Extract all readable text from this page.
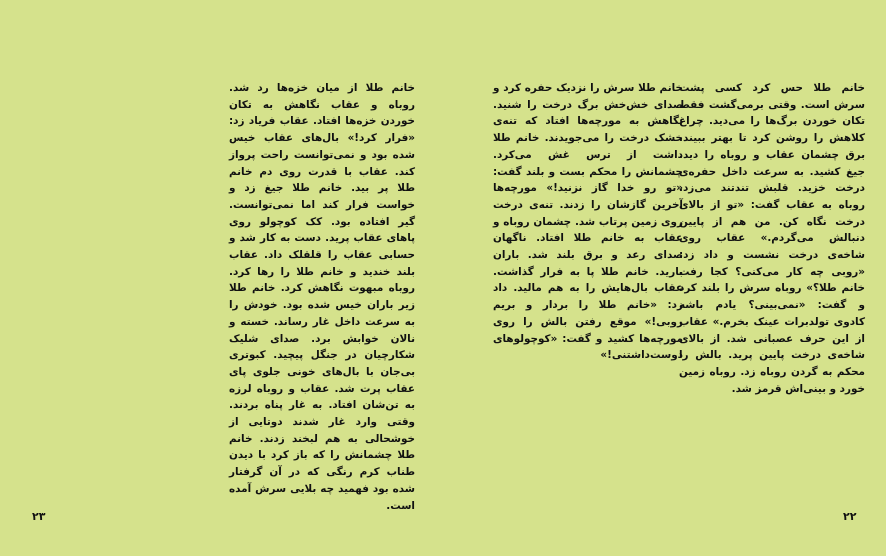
خانم طلا حس کرد کسی پشت سرش است. وقتی برمی‌گشت فقط تکان خوردن برگ‌ها را می‌دید. چراغ کلاهش را روشن کرد تا بهتر ببیند. برق چشمان عقاب و روباه را دید. جیغ کشید. به سرعت داخل حفره‌ی درخت خزید. قلبش تندتند می‌زد. روباه به عقاب گفت: «تو از بالای درخت نگاه کن. من هم از پایین دنبالش می‌گردم.» عقاب روی شاخه‌ی درخت نشست و داد زد: «روبی چه کار می‌کنی؟ کجا رفت خانم طلا؟» روباه سرش را بلند کرد و گفت: «نمی‌بینی؟ یادم باشه کادوی تولدبرات عینک بخرم.» عقاب از این حرف عصبانی شد. از بالای شاخه‌ی درخت پایین پرید. بالش را محکم به گردن روباه زد. روباه زمین خورد و بینی‌اش قرمز شد.

خانم طلا سرش را نزدیک حفره کرد و صدای خش‌خش برگ درخت را شنید. نگاهش به مورچه‌ها افتاد که تنه‌ی خشک درخت را می‌جویدند. خانم طلا داشت از ترس غش می‌کرد. چشمانش را محکم بست و بلند گفت: «تو رو خدا گاز نزنید!» مورچه‌ها آخرین گازشان را زدند. تنه‌ی درخت روی زمین پرتاب شد. چشمان روباه و عقاب به خانم طلا افتاد. ناگهان صدای رعد و برق بلند شد. باران بارید. خانم طلا پا به فرار گذاشت. عقاب بال‌هایش را به هم مالید. داد زد: «خانم طلا را بردار و بریم روبی!» موقع رفتن بالش را روی مورچه‌ها کشید و گفت: «کوچولوهای دوست‌داشتنی!»

خانم طلا از میان خزه‌ها رد شد. روباه و عقاب نگاهش به تکان خوردن خزه‌ها افتاد. عقاب فریاد زد: «فرار کرد!» بال‌های عقاب خیس شده بود و نمی‌توانست راحت پرواز کند. عقاب با قدرت روی دم خانم طلا پر بید. خانم طلا جیغ زد و خواست فرار کند اما نمی‌توانست. گیر افتاده بود. کک کوچولو روی پاهای عقاب پرید. دست به کار شد و حسابی عقاب را قلقلک داد. عقاب بلند خندید و خانم طلا را رها کرد. روباه مبهوت نگاهش کرد. خانم طلا زیر باران خیس شده بود. خودش را به سرعت داخل غار رساند. خسته و نالان خوابش برد. صدای شلیک شکارچیان در جنگل پیچید. کبوتری بی‌جان با بال‌های خونی جلوی پای عقاب پرت شد. عقاب و روباه لرزه به تن‌شان افتاد. به غار پناه بردند. وقتی وارد غار شدند دوتایی از خوشحالی به هم لبخند زدند. خانم طلا چشمانش را که باز کرد با دیدن طناب کرم رنگی که در آن گرفتار شده بود فهمید چه بلایی سرش آمده است.

۲۲
۲۳
